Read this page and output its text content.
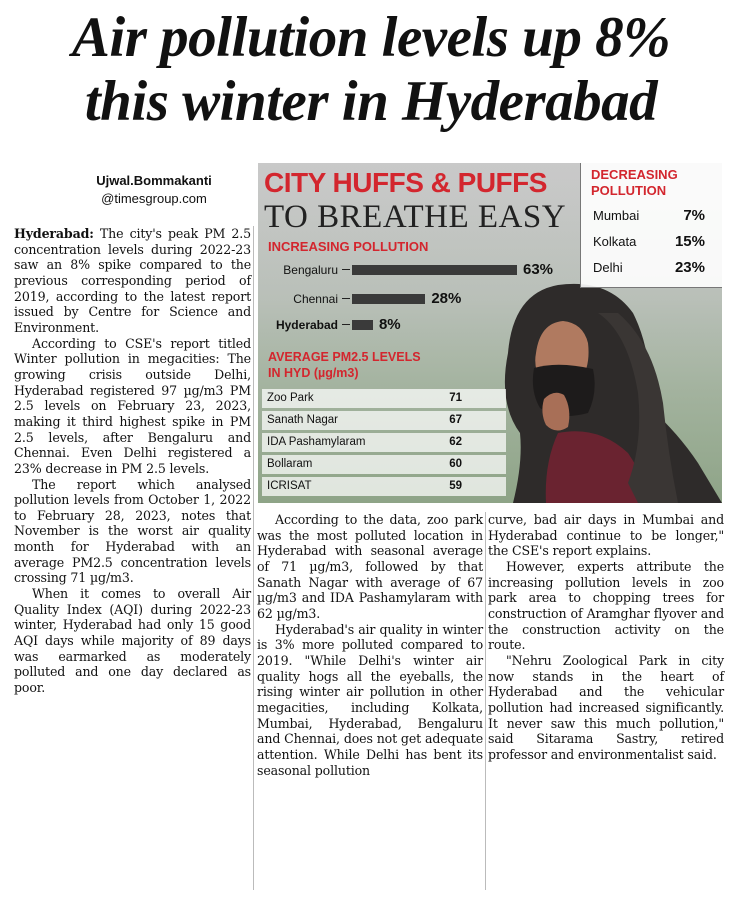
Air pollution levels up 8%
this winter in Hyderabad
Ujwal.Bommakanti
@timesgroup.com

Hyderabad: The city's peak PM 2.5 concentration levels during 2022-23 saw an 8% spike compared to the previous corresponding period of 2019, according to the latest report issued by Centre for Science and Environment.

According to CSE's report titled Winter pollution in megacities: The growing crisis outside Delhi, Hyderabad registered 97 µg/m3 PM 2.5 levels on February 23, 2023, making it third highest spike in PM 2.5 levels, after Bengaluru and Chennai. Even Delhi registered a 23% decrease in PM 2.5 levels.

The report which analysed pollution levels from October 1, 2022 to February 28, 2023, notes that November is the worst air quality month for Hyderabad with an average PM2.5 concentration levels crossing 71 µg/m3.

When it comes to overall Air Quality Index (AQI) during 2022-23 winter, Hyderabad had only 15 good AQI days while majority of 89 days was earmarked as moderately polluted and one day declared as poor.

CITY HUFFS & PUFFS
TO BREATHE EASY
INCREASING POLLUTION
Bengaluru	63%
Chennai	28%
Hyderabad	8%
AVERAGE PM2.5 LEVELS
IN HYD (µg/m3)
Zoo Park	71
Sanath Nagar	67
IDA Pashamylaram	62
Bollaram	60
ICRISAT	59
DECREASING
POLLUTION
Mumbai	7%
Kolkata	15%
Delhi	23%

According to the data, zoo park was the most polluted location in Hyderabad with seasonal average of 71 µg/m3, followed by that Sanath Nagar with average of 67 µg/m3 and IDA Pashamylaram with 62 µg/m3.

Hyderabad's air quality in winter is 3% more polluted compared to 2019. "While Delhi's winter air quality hogs all the eyeballs, the rising winter air pollution in other megacities, including Kolkata, Mumbai, Hyderabad, Bengaluru and Chennai, does not get adequate attention. While Delhi has bent its seasonal pollution

curve, bad air days in Mumbai and Hyderabad continue to be longer," the CSE's report explains.

However, experts attribute the increasing pollution levels in zoo park area to chopping trees for construction of Aramghar flyover and the construction activity on the route.

"Nehru Zoological Park in city now stands in the heart of Hyderabad and the vehicular pollution had increased significantly. It never saw this much pollution," said Sitarama Sastry, retired professor and environmentalist said.
